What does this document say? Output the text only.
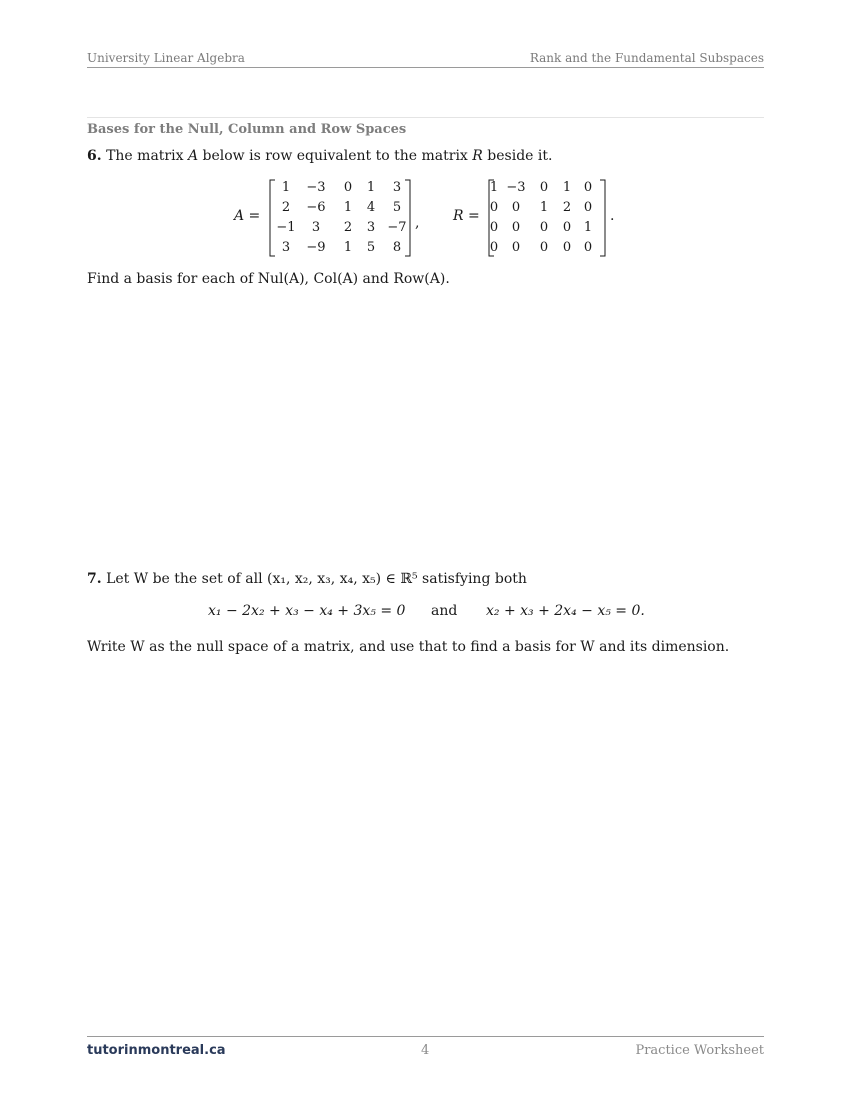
University Linear Algebra	Rank and the Fundamental Subspaces
Bases for the Null, Column and Row Spaces
6. The matrix A below is row equivalent to the matrix R beside it.
A =
1	−3	0	1	3
2	−6	1	4	5
−1	3	2	3	−7
3	−9	1	5	8
, R =
1	−3	0	1	0
0	0	1	2	0
0	0	0	0	1
0	0	0	0	0
.
Find a basis for each of Nul(A), Col(A) and Row(A).
7. Let W be the set of all (x₁, x₂, x₃, x₄, x₅) ∈ ℝ⁵ satisfying both
x₁ − 2x₂ + x₃ − x₄ + 3x₅ = 0 and x₂ + x₃ + 2x₄ − x₅ = 0.
Write W as the null space of a matrix, and use that to find a basis for W and its dimension.
tutorinmontreal.ca	4	Practice Worksheet
